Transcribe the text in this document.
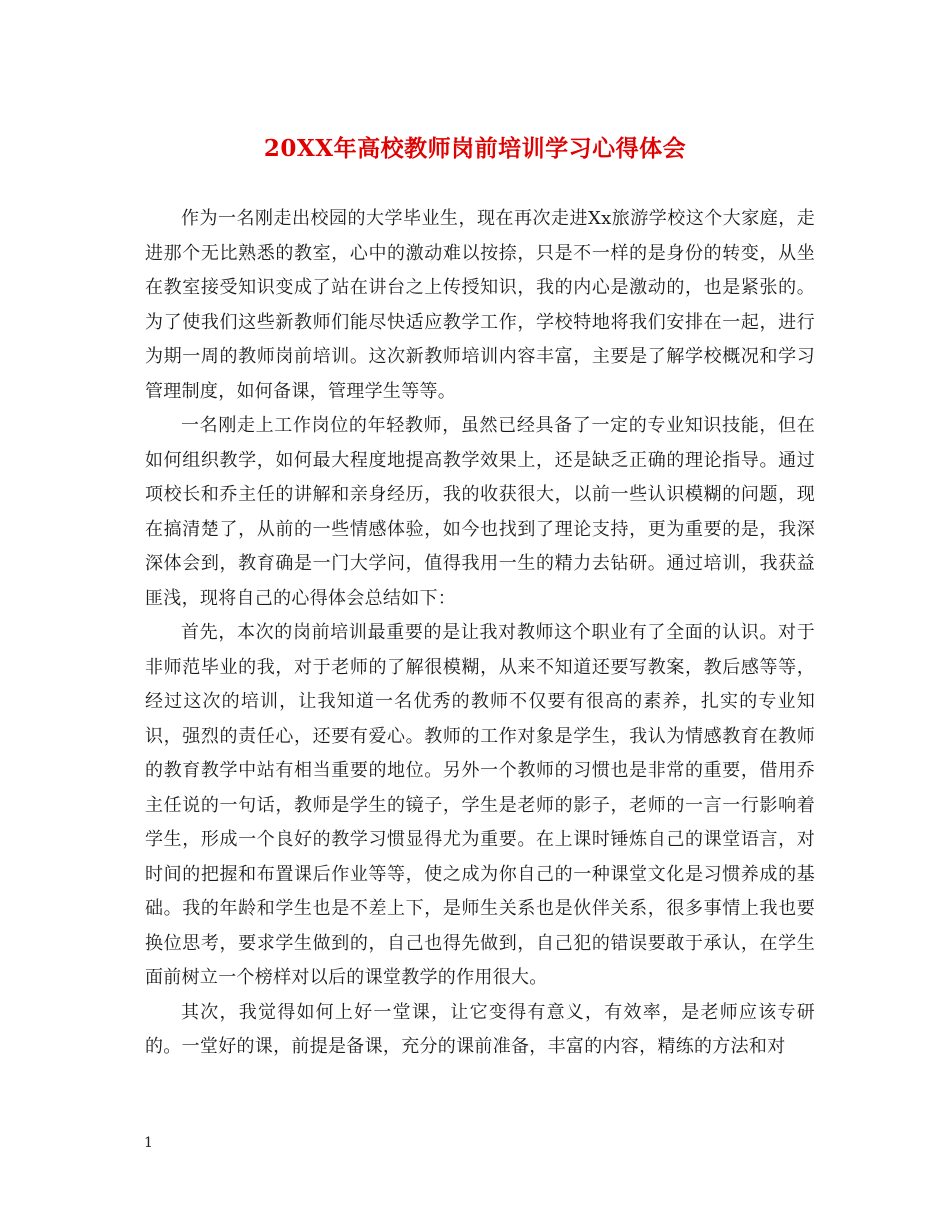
20XX年高校教师岗前培训学习心得体会

作为一名刚走出校园的大学毕业生，现在再次走进Xx旅游学校这个大家庭，走进那个无比熟悉的教室，心中的激动难以按捺，只是不一样的是身份的转变，从坐在教室接受知识变成了站在讲台之上传授知识，我的内心是激动的，也是紧张的。为了使我们这些新教师们能尽快适应教学工作，学校特地将我们安排在一起，进行为期一周的教师岗前培训。这次新教师培训内容丰富，主要是了解学校概况和学习管理制度，如何备课，管理学生等等。

一名刚走上工作岗位的年轻教师，虽然已经具备了一定的专业知识技能，但在如何组织教学，如何最大程度地提高教学效果上，还是缺乏正确的理论指导。通过项校长和乔主任的讲解和亲身经历，我的收获很大，以前一些认识模糊的问题，现在搞清楚了，从前的一些情感体验，如今也找到了理论支持，更为重要的是，我深深体会到，教育确是一门大学问，值得我用一生的精力去钻研。通过培训，我获益匪浅，现将自己的心得体会总结如下：

首先，本次的岗前培训最重要的是让我对教师这个职业有了全面的认识。对于非师范毕业的我，对于老师的了解很模糊，从来不知道还要写教案，教后感等等，经过这次的培训，让我知道一名优秀的教师不仅要有很高的素养，扎实的专业知识，强烈的责任心，还要有爱心。教师的工作对象是学生，我认为情感教育在教师的教育教学中站有相当重要的地位。另外一个教师的习惯也是非常的重要，借用乔主任说的一句话，教师是学生的镜子，学生是老师的影子，老师的一言一行影响着学生，形成一个良好的教学习惯显得尤为重要。在上课时锤炼自己的课堂语言，对时间的把握和布置课后作业等等，使之成为你自己的一种课堂文化是习惯养成的基础。我的年龄和学生也是不差上下，是师生关系也是伙伴关系，很多事情上我也要换位思考，要求学生做到的，自己也得先做到，自己犯的错误要敢于承认，在学生面前树立一个榜样对以后的课堂教学的作用很大。

其次，我觉得如何上好一堂课，让它变得有意义，有效率，是老师应该专研的。一堂好的课，前提是备课，充分的课前准备，丰富的内容，精练的方法和对

1
